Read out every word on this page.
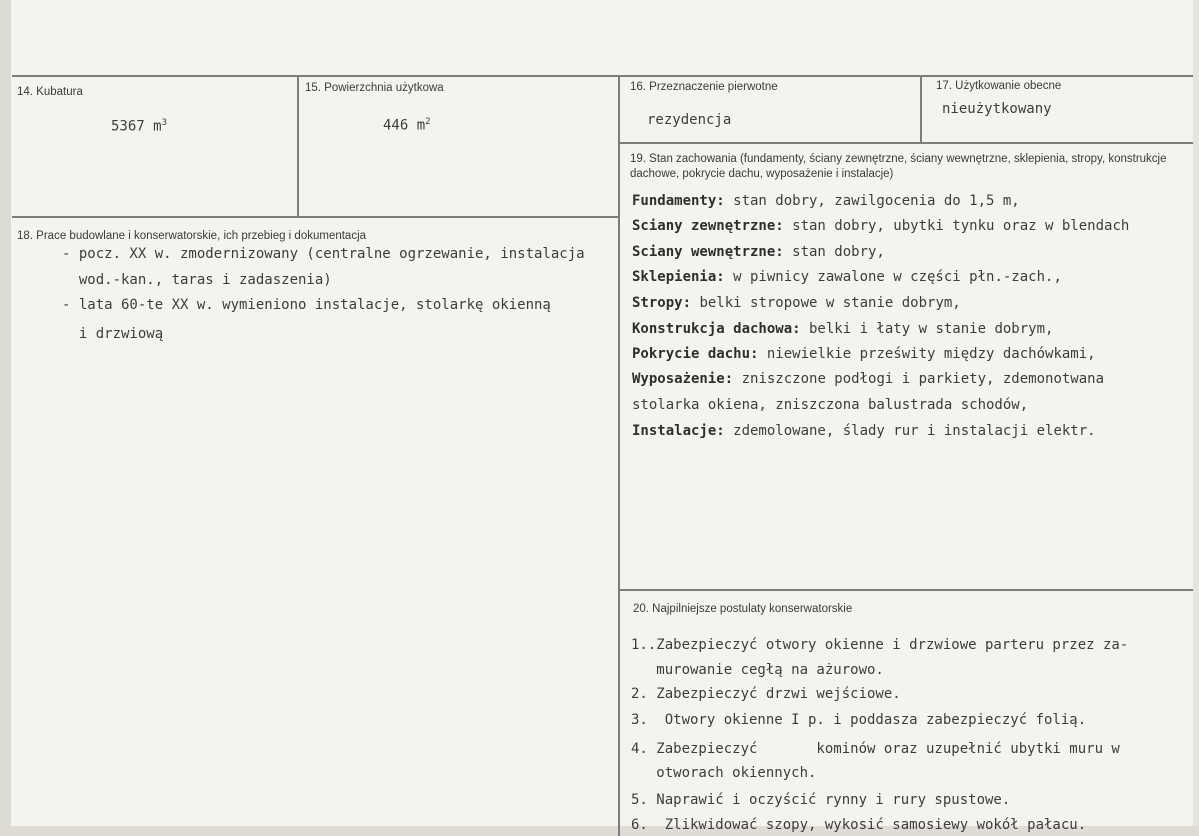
14. Kubatura
5367 $m^3$
15. Powierzchnia użytkowa
446 $m^2$
16. Przeznaczenie pierwotne
rezydencja
17. Użytkowanie obecne
nieużytkowany
18. Prace budowlane i konserwatorskie, ich przebieg i dokumentacja
- pocz. XX w. zmodernizowany (centralne ogrzewanie, instalacja
wod.-kan., taras i zadaszenia)
- lata 60-te XX w. wymieniono instalacje, stolarkę okienną
i drzwiową
19. Stan zachowania (fundamenty, ściany zewnętrzne, ściany wewnętrzne, sklepienia, stropy, konstrukcje dachowe, pokrycie dachu, wyposażenie i instalacje)
Fundamenty: stan dobry, zawilgocenia do 1,5 m,
Sciany zewnętrzne: stan dobry, ubytki tynku oraz w blendach
Sciany wewnętrzne: stan dobry,
Sklepienia: w piwnicy zawalone w części płn.-zach.,
Stropy: belki stropowe w stanie dobrym,
Konstrukcja dachowa: belki i łaty w stanie dobrym,
Pokrycie dachu: niewielkie prześwity między dachówkami,
Wyposażenie: zniszczone podłogi i parkiety, zdemonotwana
stolarka okiena, zniszczona balustrada schodów,
Instalacje: zdemolowane, ślady rur i instalacji elektr.
20. Najpilniejsze postulaty konserwatorskie
1..Zabezpieczyć otwory okienne i drzwiowe parteru przez za-
murowanie cegłą na ażurowo.
2. Zabezpieczyć drzwi wejściowe.
3.  Otwory okienne I p. i poddasza zabezpieczyć folią.
4. Zabezpieczyć       kominów oraz uzupełnić ubytki muru w
otworach okiennych.
5. Naprawić i oczyścić rynny i rury spustowe.
6.  Zlikwidować szopy, wykosić samosiewy wokół pałacu.
